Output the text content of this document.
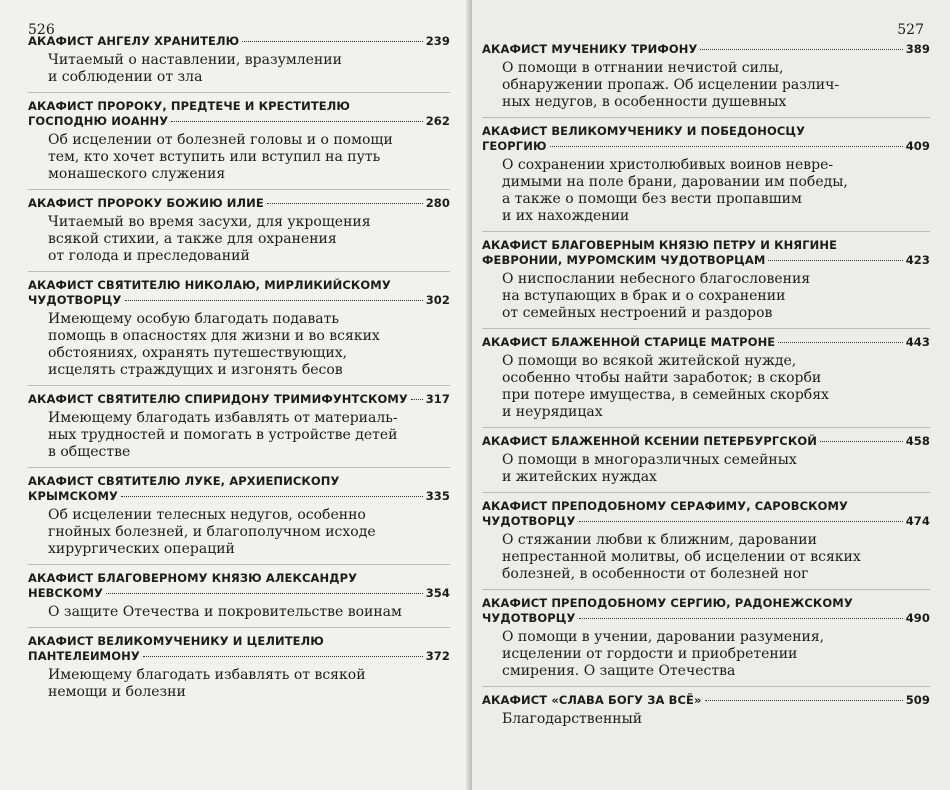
526
АКАФИСТ АНГЕЛУ ХРАНИТЕЛЮ	239
Читаемый о наставлении, вразумлении
и соблюдении от зла
АКАФИСТ ПРОРОКУ, ПРЕДТЕЧЕ И КРЕСТИТЕЛЮ
ГОСПОДНЮ ИОАННУ	262
Об исцелении от болезней головы и о помощи
тем, кто хочет вступить или вступил на путь
монашеского служения
АКАФИСТ ПРОРОКУ БОЖИЮ ИЛИЕ	280
Читаемый во время засухи, для укрощения
всякой стихии, а также для охранения
от голода и преследований
АКАФИСТ СВЯТИТЕЛЮ НИКОЛАЮ, МИРЛИКИЙСКОМУ
ЧУДОТВОРЦУ	302
Имеющему особую благодать подавать
помощь в опасностях для жизни и во всяких
обстояниях, охранять путешествующих,
исцелять страждущих и изгонять бесов
АКАФИСТ СВЯТИТЕЛЮ СПИРИДОНУ ТРИМИФУНТСКОМУ 317
Имеющему благодать избавлять от материаль-
ных трудностей и помогать в устройстве детей
в обществе
АКАФИСТ СВЯТИТЕЛЮ ЛУКЕ, АРХИЕПИСКОПУ
КРЫМСКОМУ	335
Об исцелении телесных недугов, особенно
гнойных болезней, и благополучном исходе
хирургических операций
АКАФИСТ БЛАГОВЕРНОМУ КНЯЗЮ АЛЕКСАНДРУ
НЕВСКОМУ	354
О защите Отечества и покровительстве воинам
АКАФИСТ ВЕЛИКОМУЧЕНИКУ И ЦЕЛИТЕЛЮ
ПАНТЕЛЕИМОНУ	372
Имеющему благодать избавлять от всякой
немощи и болезни
527
АКАФИСТ МУЧЕНИКУ ТРИФОНУ	389
О помощи в отгнании нечистой силы,
обнаружении пропаж. Об исцелении различ-
ных недугов, в особенности душевных
АКАФИСТ ВЕЛИКОМУЧЕНИКУ И ПОБЕДОНОСЦУ
ГЕОРГИЮ	409
О сохранении христолюбивых воинов невре-
димыми на поле брани, даровании им победы,
а также о помощи без вести пропавшим
и их нахождении
АКАФИСТ БЛАГОВЕРНЫМ КНЯЗЮ ПЕТРУ И КНЯГИНЕ
ФЕВРОНИИ, МУРОМСКИМ ЧУДОТВОРЦАМ	423
О ниспослании небесного благословения
на вступающих в брак и о сохранении
от семейных нестроений и раздоров
АКАФИСТ БЛАЖЕННОЙ СТАРИЦЕ МАТРОНЕ	443
О помощи во всякой житейской нужде,
особенно чтобы найти заработок; в скорби
при потере имущества, в семейных скорбях
и неурядицах
АКАФИСТ БЛАЖЕННОЙ КСЕНИИ ПЕТЕРБУРГСКОЙ	458
О помощи в многоразличных семейных
и житейских нуждах
АКАФИСТ ПРЕПОДОБНОМУ СЕРАФИМУ, САРОВСКОМУ
ЧУДОТВОРЦУ	474
О стяжании любви к ближним, даровании
непрестанной молитвы, об исцелении от всяких
болезней, в особенности от болезней ног
АКАФИСТ ПРЕПОДОБНОМУ СЕРГИЮ, РАДОНЕЖСКОМУ
ЧУДОТВОРЦУ	490
О помощи в учении, даровании разумения,
исцелении от гордости и приобретении
смирения. О защите Отечества
АКАФИСТ «СЛАВА БОГУ ЗА ВСЁ»	509
Благодарственный
